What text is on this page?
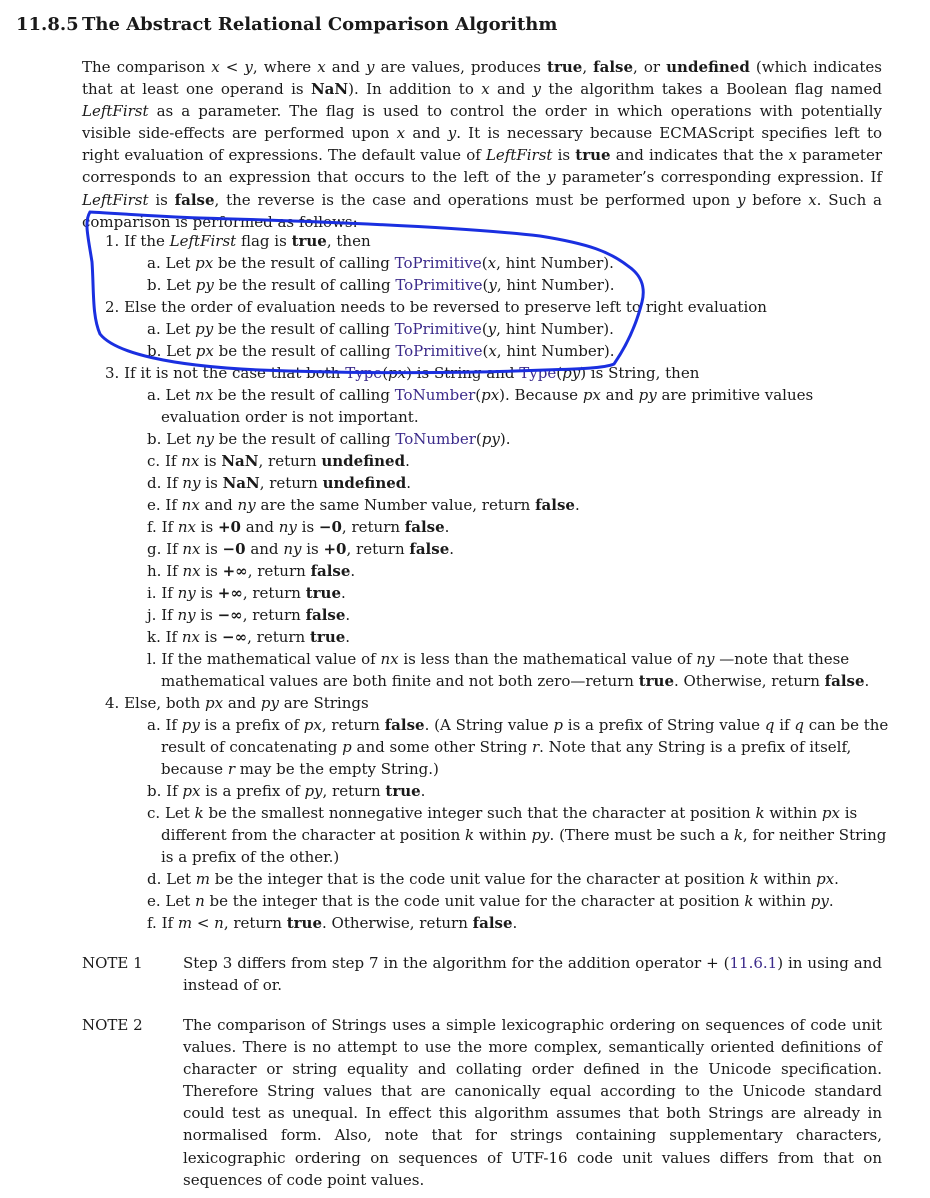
11.8.5 The Abstract Relational Comparison Algorithm

The comparison x < y, where x and y are values, produces true, false, or undefined (which indicates that at least one operand is NaN). In addition to x and y the algorithm takes a Boolean flag named LeftFirst as a parameter. The flag is used to control the order in which operations with potentially visible side-effects are performed upon x and y. It is necessary because ECMAScript specifies left to right evaluation of expressions. The default value of LeftFirst is true and indicates that the x parameter corresponds to an expression that occurs to the left of the y parameter’s corresponding expression. If LeftFirst is false, the reverse is the case and operations must be performed upon y before x. Such a comparison is performed as follows:

1. If the LeftFirst flag is true, then

a. Let px be the result of calling ToPrimitive(x, hint Number).

b. Let py be the result of calling ToPrimitive(y, hint Number).

2. Else the order of evaluation needs to be reversed to preserve left to right evaluation

a. Let py be the result of calling ToPrimitive(y, hint Number).

b. Let px be the result of calling ToPrimitive(x, hint Number).

3. If it is not the case that both Type(px) is String and Type(py) is String, then

a. Let nx be the result of calling ToNumber(px). Because px and py are primitive values evaluation order is not important.

b. Let ny be the result of calling ToNumber(py).

c. If nx is NaN, return undefined.

d. If ny is NaN, return undefined.

e. If nx and ny are the same Number value, return false.

f. If nx is +0 and ny is −0, return false.

g. If nx is −0 and ny is +0, return false.

h. If nx is +∞, return false.

i. If ny is +∞, return true.

j. If ny is −∞, return false.

k. If nx is −∞, return true.

l. If the mathematical value of nx is less than the mathematical value of ny —note that these mathematical values are both finite and not both zero—return true. Otherwise, return false.

4. Else, both px and py are Strings

a. If py is a prefix of px, return false. (A String value p is a prefix of String value q if q can be the result of concatenating p and some other String r. Note that any String is a prefix of itself, because r may be the empty String.)

b. If px is a prefix of py, return true.

c. Let k be the smallest nonnegative integer such that the character at position k within px is different from the character at position k within py. (There must be such a k, for neither String is a prefix of the other.)

d. Let m be the integer that is the code unit value for the character at position k within px.

e. Let n be the integer that is the code unit value for the character at position k within py.

f. If m < n, return true. Otherwise, return false.

NOTE 1	Step 3 differs from step 7 in the algorithm for the addition operator + (11.6.1) in using and instead of or.
NOTE 2	The comparison of Strings uses a simple lexicographic ordering on sequences of code unit values. There is no attempt to use the more complex, semantically oriented definitions of character or string equality and collating order defined in the Unicode specification. Therefore String values that are canonically equal according to the Unicode standard could test as unequal. In effect this algorithm assumes that both Strings are already in normalised form. Also, note that for strings containing supplementary characters, lexicographic ordering on sequences of UTF-16 code unit values differs from that on sequences of code point values.
